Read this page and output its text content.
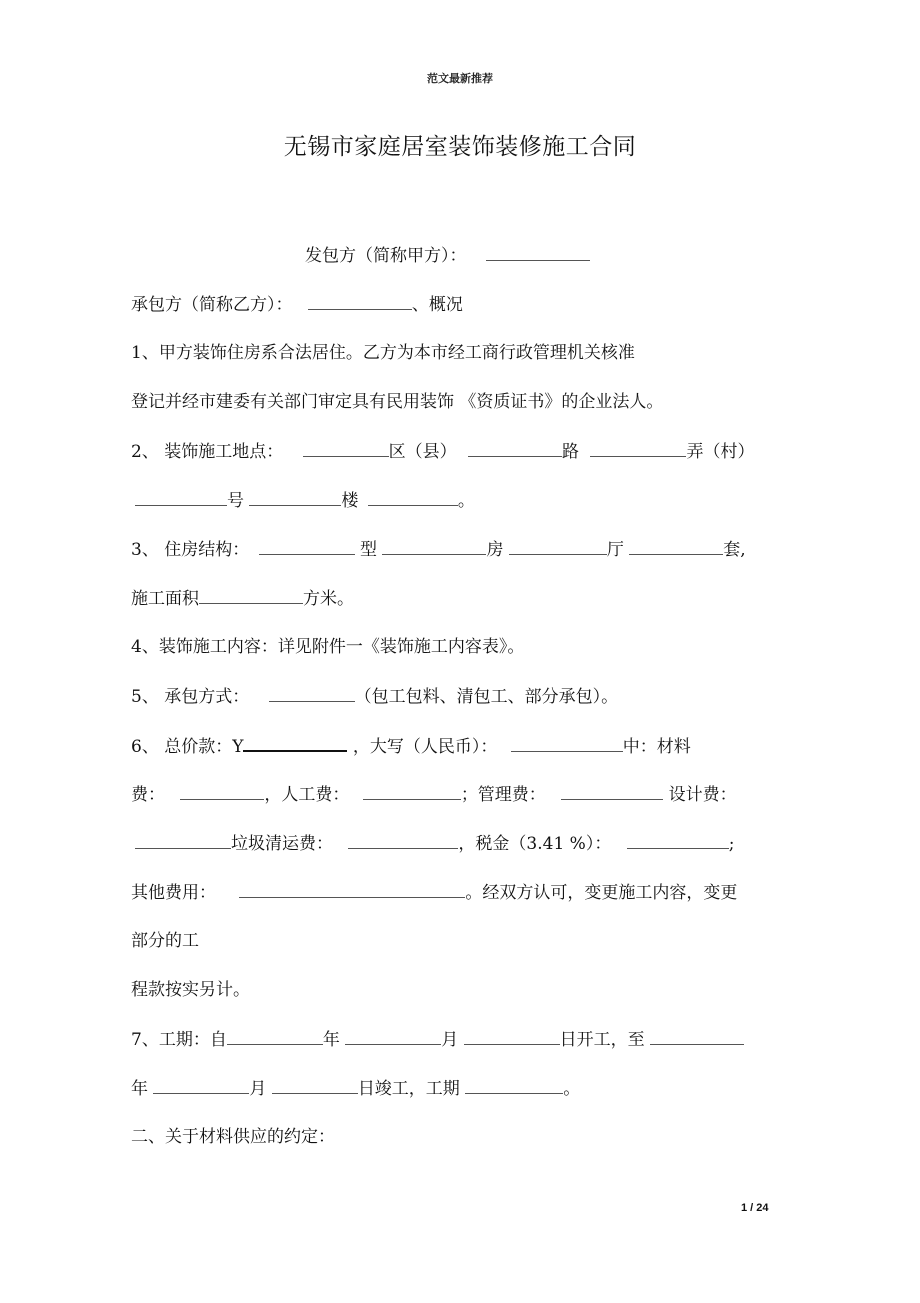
范文最新推荐
无锡市家庭居室装饰装修施工合同
发包方（简称甲方）：
承包方（简称乙方）：	、概况
1、甲方装饰住房系合法居住。乙方为本市经工商行政管理机关核准
登记并经市建委有关部门审定具有民用装饰 《资质证书》的企业法人。
2、 装饰施工地点：	区（县）	路	弄（村）
号	楼	。
3、 住房结构：	型	房	厅	套,
施工面积	方米。
4、装饰施工内容：详见附件一《装饰施工内容表》。
5、 承包方式：	（包工包料、清包工、部分承包）。
6、 总价款：Y	，大写（人民币）：	中：材料
费：	，人工费：	；管理费：	设计费：
垃圾清运费：	，税金（3.41 %）：	;
其他费用：	。经双方认可，变更施工内容，变更
部分的工
程款按实另计。
7、工期：自	年	月	日开工，至
年	月	日竣工，工期	。
二、关于材料供应的约定：
1 / 24
